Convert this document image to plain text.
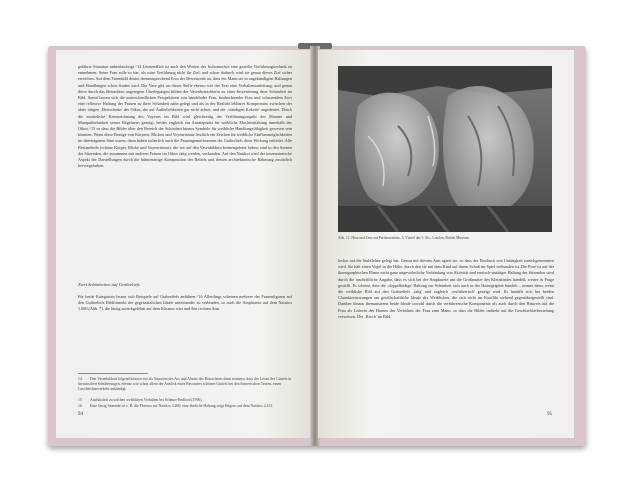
gefährte Situation unbeabsichtigt.^14 Letztendlich ist auch den Worten des Ischomachos eine gezielte Verführungstechnik zu entnehmen: Seine Frau solle so tun, als wäre Verführung nicht ihr Ziel, und schon dadurch wird sie genau dieses Ziel sicher erreichen. Auf dem Vasenbild deutet dementsprechend Eros der Beweisrede an, dass ein Mann sie in angekündigten Haltungen und Handlungen schon finden wird. Die Vase gibt an dieser Stelle ebenso wie der Text eine Verhaltensanleitung, und genau diese durch das Betrachten angeregten Überlegungen bilden der Vasenbetrachterin zu einer Inszenierung ihrer Schönheit im Bild. Somit lassen sich die unterschiedlichen Perspektiven von handelnder Frau, beobachtender Frau und schauendem Eros eine reflexive Haltung der Frauen zu ihrer Schönheit nahe gelegt und als in der Realität lebbarer Kompromiss zwischen der aktiv tätigen ‚Herrscherin' des Oikos, die auf Äußerlichkeiten gar nicht achtet, und der ‚ständigen Kokette' angedeutet. Durch die zusätzliche Kennzeichnung des Voyeurs im Bild wird gleichzeitig der Verführungsaspekt des Mannes und Manipulierbarkeit seines Begehrens gezeigt, beides zugleich ein Ansatzpunkt für weibliche Machtentfaltung innerhalb des Oikos,^15 so dass die Bilder über den Bereich der Schönheit hinaus Symbole für weibliche Handlungsfähigkeit gewesen sein könnten. Wenn diese Bezüge von Körpern, Blicken und Voyeurismus letztlich ein Zeichen für weibliche Einflussmöglichkeiten im übertragenen Sinn waren, dann haben sicherlich auch die Frauengemächszenen der Grabreliefs diese Wirkung entfaltet. Alle Bestandteile (schöne Körper, Blicke und Voyeurismus), die wir auf den Vasenbildern kennengelernt haben, sind in den Szenen der Sitzenden, die zusammen mit anderen Frauen im Oikos tätig werden, vorhanden. Auf den Naiskoi wird der inszenatorische Aspekt der Darstellungen durch die bühnenartige Komposition des Reliefs und dessen architektonische Rahmung zusätzlich hervorgehoben.

Zwei Schönheiten auf Grabreliefs

Für beide Kategorien lassen sich Beispiele auf Grabreliefs anführen.^16 Allerdings scheinen mehrere der Frauenfiguren auf den Grabreliefs Bildformeln der gegensätzlichen Ideale miteinander zu verbinden, so auch die Amphorete auf dem Naiskos 1.660 (Abb. 7), die lässig zurückgelehnt auf dem Klismos sitzt und den rechten Arm

14 Den Vasenbildern folgend können wir als Situation des Ars und Absatz des Betrachtens dann erinnern, dass des Lösen des Gürtels in literarischen Schilderungen, ebenso wie schon allein der Anblick eines Besonders schönen Gürtels bei den homerischen Texten, einen Geschlechterverkehr ankündigt.
15 Ausführlich zu solchen weiblichen Verhalten bei Schnurr-Redford (1996).
16 Eine lässig Sitzende ist z. B. die Thessos auf Naiskos 2.260; eine ähnliche Haltung zeigt Hegeso auf dem Naiskos 2.251.
94
Abb. 12. Hera und Zeus auf Parthenonfries, 3. Viertel des 5. Jhs., London, British Museum.

locker auf die Stuhllehne gelegt hat. Genau mit diesem Arm agiert sie, so dass der Eindruck von Untätigkeit zurückgenommen wird. Sie hält einen Vogel in die Höhe, durch den sie mit dem Kind auf ihrem Schoß im Spiel verbunden ist. Die Pose ist auf der ikonographischen Ebene nicht ganz ungewöhnliche Verbindung von Aktivität und erotisch-untätiger Haltung der Sitzenden wird durch die inschriftliche Angabe, dass es sich bei der Amphorete um die Großmutter des Kleinkindes handelt, weiter in Frage gestellt. Es scheint, dass die ‚doppelbödige' Haltung zur Schönheit sich auch in der Ikonographie bündelt – immer dann, wenn die weibliche Bild auf den Grabreliefs ‚tätig' und zugleich ‚verführerisch' gezeigt wird. Es handelt sich bei beiden Charakterisierungen um gesellschaftliche Ideale des Weiblichen, die sich nicht im Konflikt stehend gegenübergestellt sind. Darüber hinaus thematisieren beide Ideale sowohl durch die verführerische Komponente als auch durch den Hinweis auf die Frau als Leiterin des Hauses das Verhältnis der Frau zum Mann, so dass die Bilder indirekt auf die Geschlechterbeziehung verweisen. Der ‚Brech' im Bild,

95
